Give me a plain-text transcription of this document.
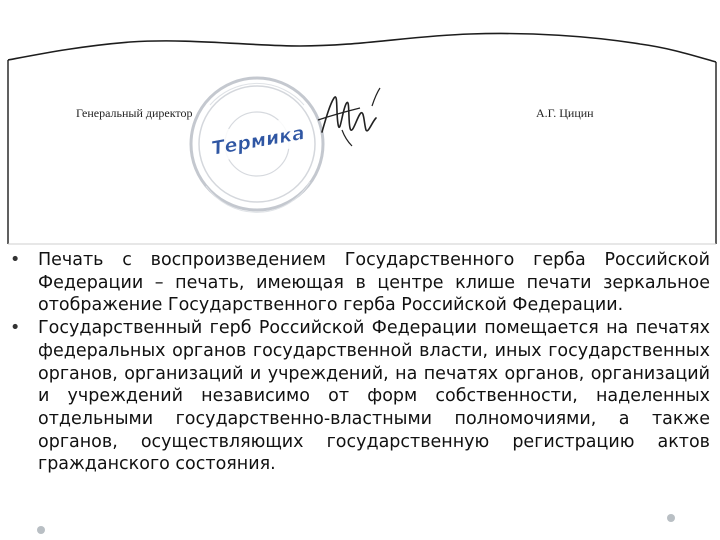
Генеральный директор	А.Г. Цицин
Термика
• Печать с воспроизведением Государственного герба Российской Федерации – печать, имеющая в центре клише печати зеркальное отображение Государственного герба Российской Федерации.
• Государственный герб Российской Федерации помещается на печатях федеральных органов государственной власти, иных государственных органов, организаций и учреждений, на печатях органов, организаций и учреждений независимо от форм собственности, наделенных отдельными государственно-властными полномочиями, а также органов, осуществляющих государственную регистрацию актов гражданского состояния.
